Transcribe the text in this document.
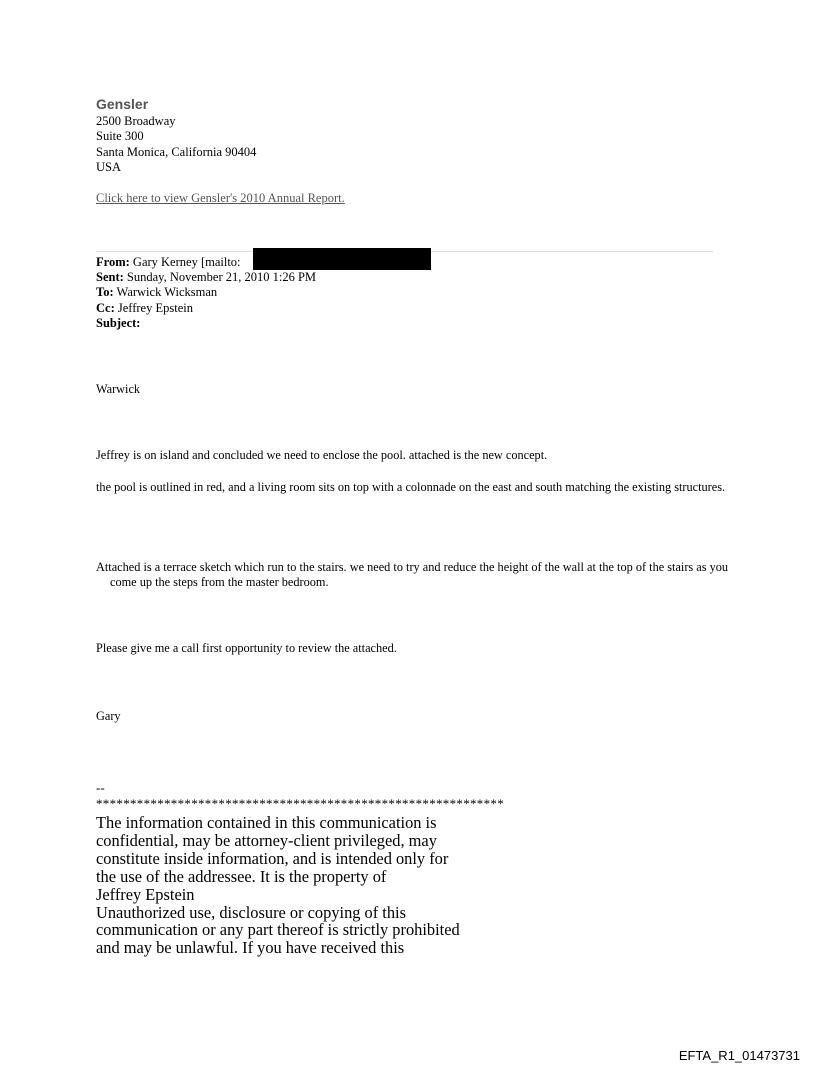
Gensler
2500 Broadway
Suite 300
Santa Monica, California 90404
USA
Click here to view Gensler's 2010 Annual Report.
From: Gary Kerney [mailto:
Sent: Sunday, November 21, 2010 1:26 PM
To: Warwick Wicksman
Cc: Jeffrey Epstein
Subject:
Warwick
Jeffrey is on island and concluded we need to enclose the pool. attached is the new concept.
the pool is outlined in red, and a living room sits on top with a colonnade on the east and south matching the existing structures.
Attached is a terrace sketch which run to the stairs. we need to try and reduce the height of the wall at the top of the stairs as you come up the steps from the master bedroom.
Please give me a call first opportunity to review the attached.
Gary
--
************************************************************
The information contained in this communication is
confidential, may be attorney-client privileged, may
constitute inside information, and is intended only for
the use of the addressee. It is the property of
Jeffrey Epstein
Unauthorized use, disclosure or copying of this
communication or any part thereof is strictly prohibited
and may be unlawful. If you have received this
EFTA_R1_01473731
